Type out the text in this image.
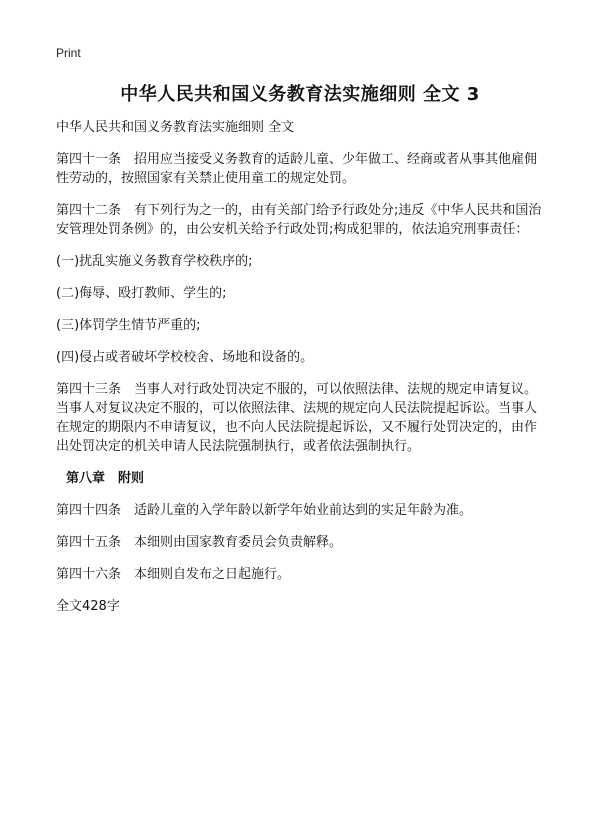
Print
中华人民共和国义务教育法实施细则 全文 3

中华人民共和国义务教育法实施细则 全文

第四十一条　招用应当接受义务教育的适龄儿童、少年做工、经商或者从事其他雇佣性劳动的，按照国家有关禁止使用童工的规定处罚。

第四十二条　有下列行为之一的，由有关部门给予行政处分;违反《中华人民共和国治安管理处罚条例》的，由公安机关给予行政处罚;构成犯罪的，依法追究刑事责任：

(一)扰乱实施义务教育学校秩序的;

(二)侮辱、殴打教师、学生的;

(三)体罚学生情节严重的;

(四)侵占或者破坏学校校舍、场地和设备的。

第四十三条　当事人对行政处罚决定不服的，可以依照法律、法规的规定申请复议。当事人对复议决定不服的，可以依照法律、法规的规定向人民法院提起诉讼。当事人在规定的期限内不申请复议，也不向人民法院提起诉讼，又不履行处罚决定的，由作出处罚决定的机关申请人民法院强制执行，或者依法强制执行。

第八章　附则

第四十四条　适龄儿童的入学年龄以新学年始业前达到的实足年龄为准。

第四十五条　本细则由国家教育委员会负责解释。

第四十六条　本细则自发布之日起施行。

全文428字
